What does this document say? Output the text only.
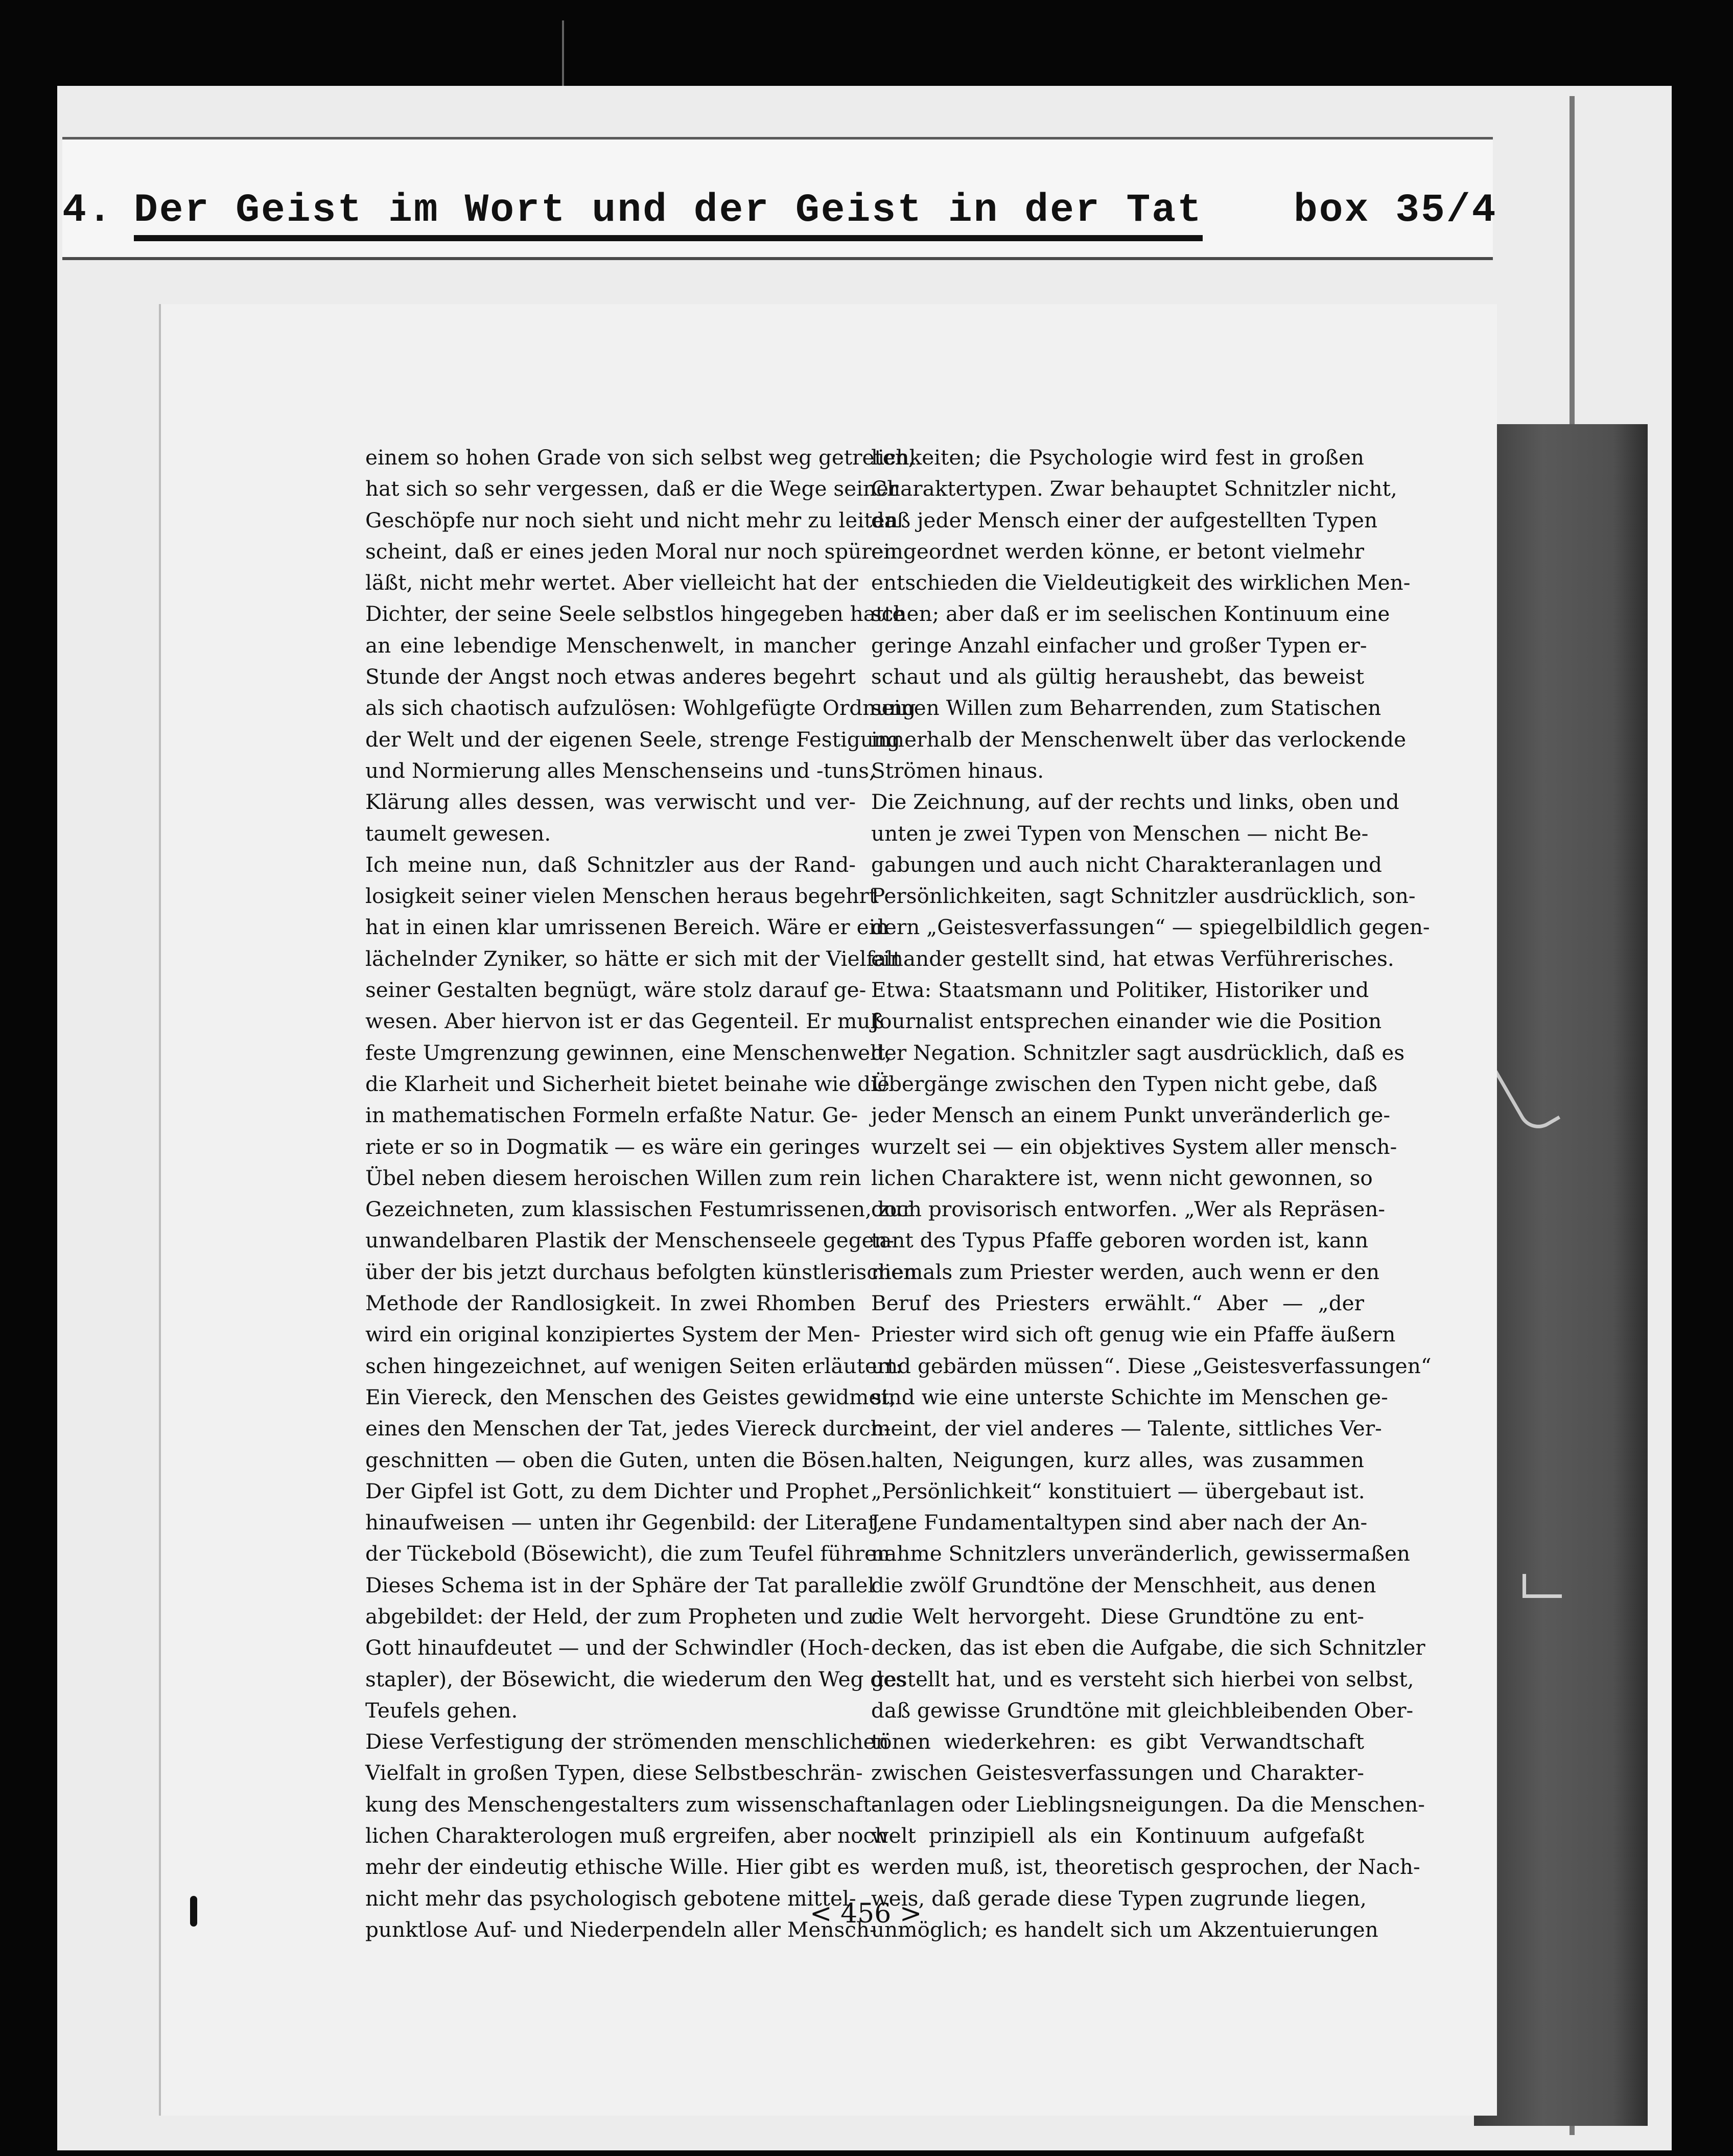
4.

Der Geist im Wort und der Geist in der Tat

box 35/4

einem so hohen Grade von sich selbst weg getreten,
hat sich so sehr vergessen, daß er die Wege seiner
Geschöpfe nur noch sieht und nicht mehr zu leiten
scheint, daß er eines jeden Moral nur noch spüren
läßt, nicht mehr wertet. Aber vielleicht hat der
Dichter, der seine Seele selbstlos hingegeben hatte
an eine lebendige Menschenwelt, in mancher
Stunde der Angst noch etwas anderes begehrt
als sich chaotisch aufzulösen: Wohlgefügte Ordnung
der Welt und der eigenen Seele, strenge Festigung
und Normierung alles Menschenseins und -tuns,
Klärung alles dessen, was verwischt und ver-
taumelt gewesen.
Ich meine nun, daß Schnitzler aus der Rand-
losigkeit seiner vielen Menschen heraus begehrt
hat in einen klar umrissenen Bereich. Wäre er ein
lächelnder Zyniker, so hätte er sich mit der Vielfalt
seiner Gestalten begnügt, wäre stolz darauf ge-
wesen. Aber hiervon ist er das Gegenteil. Er muß
feste Umgrenzung gewinnen, eine Menschenwelt,
die Klarheit und Sicherheit bietet beinahe wie die
in mathematischen Formeln erfaßte Natur. Ge-
riete er so in Dogmatik — es wäre ein geringes
Übel neben diesem heroischen Willen zum rein
Gezeichneten, zum klassischen Festumrissenen, zur
unwandelbaren Plastik der Menschenseele gegen-
über der bis jetzt durchaus befolgten künstlerischen
Methode der Randlosigkeit. In zwei Rhomben
wird ein original konzipiertes System der Men-
schen hingezeichnet, auf wenigen Seiten erläutert:
Ein Viereck, den Menschen des Geistes gewidmet,
eines den Menschen der Tat, jedes Viereck durch-
geschnitten — oben die Guten, unten die Bösen.
Der Gipfel ist Gott, zu dem Dichter und Prophet
hinaufweisen — unten ihr Gegenbild: der Literat,
der Tückebold (Bösewicht), die zum Teufel führen.
Dieses Schema ist in der Sphäre der Tat parallel
abgebildet: der Held, der zum Propheten und zu
Gott hinaufdeutet — und der Schwindler (Hoch-
stapler), der Bösewicht, die wiederum den Weg des
Teufels gehen.
Diese Verfestigung der strömenden menschlichen
Vielfalt in großen Typen, diese Selbstbeschrän-
kung des Menschengestalters zum wissenschaft-
lichen Charakterologen muß ergreifen, aber noch
mehr der eindeutig ethische Wille. Hier gibt es
nicht mehr das psychologisch gebotene mittel-
punktlose Auf- und Niederpendeln aller Mensch-
lichkeiten; die Psychologie wird fest in großen
Charaktertypen. Zwar behauptet Schnitzler nicht,
daß jeder Mensch einer der aufgestellten Typen
eingeordnet werden könne, er betont vielmehr
entschieden die Vieldeutigkeit des wirklichen Men-
schen; aber daß er im seelischen Kontinuum eine
geringe Anzahl einfacher und großer Typen er-
schaut und als gültig heraushebt, das beweist
seinen Willen zum Beharrenden, zum Statischen
innerhalb der Menschenwelt über das verlockende
Strömen hinaus.
Die Zeichnung, auf der rechts und links, oben und
unten je zwei Typen von Menschen — nicht Be-
gabungen und auch nicht Charakteranlagen und
Persönlichkeiten, sagt Schnitzler ausdrücklich, son-
dern „Geistesverfassungen“ — spiegelbildlich gegen-
einander gestellt sind, hat etwas Verführerisches.
Etwa: Staatsmann und Politiker, Historiker und
Journalist entsprechen einander wie die Position
der Negation. Schnitzler sagt ausdrücklich, daß es
Übergänge zwischen den Typen nicht gebe, daß
jeder Mensch an einem Punkt unveränderlich ge-
wurzelt sei — ein objektives System aller mensch-
lichen Charaktere ist, wenn nicht gewonnen, so
doch provisorisch entworfen. „Wer als Repräsen-
tant des Typus Pfaffe geboren worden ist, kann
niemals zum Priester werden, auch wenn er den
Beruf des Priesters erwählt.“ Aber — „der
Priester wird sich oft genug wie ein Pfaffe äußern
und gebärden müssen“. Diese „Geistesverfassungen“
sind wie eine unterste Schichte im Menschen ge-
meint, der viel anderes — Talente, sittliches Ver-
halten, Neigungen, kurz alles, was zusammen
„Persönlichkeit“ konstituiert — übergebaut ist.
Jene Fundamentaltypen sind aber nach der An-
nahme Schnitzlers unveränderlich, gewissermaßen
die zwölf Grundtöne der Menschheit, aus denen
die Welt hervorgeht. Diese Grundtöne zu ent-
decken, das ist eben die Aufgabe, die sich Schnitzler
gestellt hat, und es versteht sich hierbei von selbst,
daß gewisse Grundtöne mit gleichbleibenden Ober-
tönen wiederkehren: es gibt Verwandtschaft
zwischen Geistesverfassungen und Charakter-
anlagen oder Lieblingsneigungen. Da die Menschen-
welt prinzipiell als ein Kontinuum aufgefaßt
werden muß, ist, theoretisch gesprochen, der Nach-
weis, daß gerade diese Typen zugrunde liegen,
unmöglich; es handelt sich um Akzentuierungen
< 456 >
